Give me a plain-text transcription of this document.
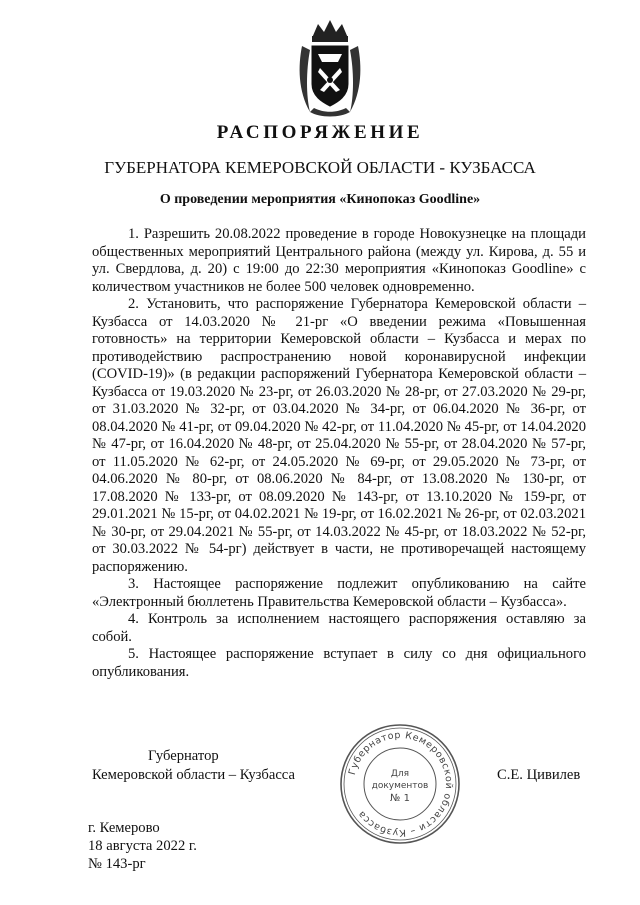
РАСПОРЯЖЕНИЕ
ГУБЕРНАТОРА КЕМЕРОВСКОЙ ОБЛАСТИ - КУЗБАССА
О проведении мероприятия «Кинопоказ Goodline»

1. Разрешить 20.08.2022 проведение в городе Новокузнецке на площади общественных мероприятий Центрального района (между ул. Кирова, д. 55 и ул. Свердлова, д. 20) с 19:00 до 22:30 мероприятия «Кинопоказ Goodline» с количеством участников не более 500 человек одновременно.

2. Установить, что распоряжение Губернатора Кемеровской области – Кузбасса от 14.03.2020 № 21-рг «О введении режима «Повышенная готовность» на территории Кемеровской области – Кузбасса и мерах по противодействию распространению новой коронавирусной инфекции (COVID-19)» (в редакции распоряжений Губернатора Кемеровской области – Кузбасса от 19.03.2020 № 23-рг, от 26.03.2020 № 28-рг, от 27.03.2020 № 29-рг, от 31.03.2020 № 32-рг, от 03.04.2020 № 34-рг, от 06.04.2020 № 36-рг, от 08.04.2020 № 41-рг, от 09.04.2020 № 42-рг, от 11.04.2020 № 45-рг, от 14.04.2020 № 47-рг, от 16.04.2020 № 48-рг, от 25.04.2020 № 55-рг, от 28.04.2020 № 57-рг, от 11.05.2020 № 62-рг, от 24.05.2020 № 69-рг, от 29.05.2020 № 73-рг, от 04.06.2020 № 80-рг, от 08.06.2020 № 84-рг, от 13.08.2020 № 130-рг, от 17.08.2020 № 133-рг, от 08.09.2020 № 143-рг, от 13.10.2020 № 159-рг, от 29.01.2021 № 15-рг, от 04.02.2021 № 19-рг, от 16.02.2021 № 26-рг, от 02.03.2021 № 30-рг, от 29.04.2021 № 55-рг, от 14.03.2022 № 45-рг, от 18.03.2022 № 52-рг, от 30.03.2022 № 54-рг) действует в части, не противоречащей настоящему распоряжению.

3. Настоящее распоряжение подлежит опубликованию на сайте «Электронный бюллетень Правительства Кемеровской области – Кузбасса».

4. Контроль за исполнением настоящего распоряжения оставляю за собой.

5. Настоящее распоряжение вступает в силу со дня официального опубликования.

Губернатор
Кемеровской области – Кузбасса	С.Е. Цивилев
Губернатор Кемеровской области – Кузбасса
Для
документов
№ 1
г. Кемерово
18 августа 2022 г.
№ 143-рг
